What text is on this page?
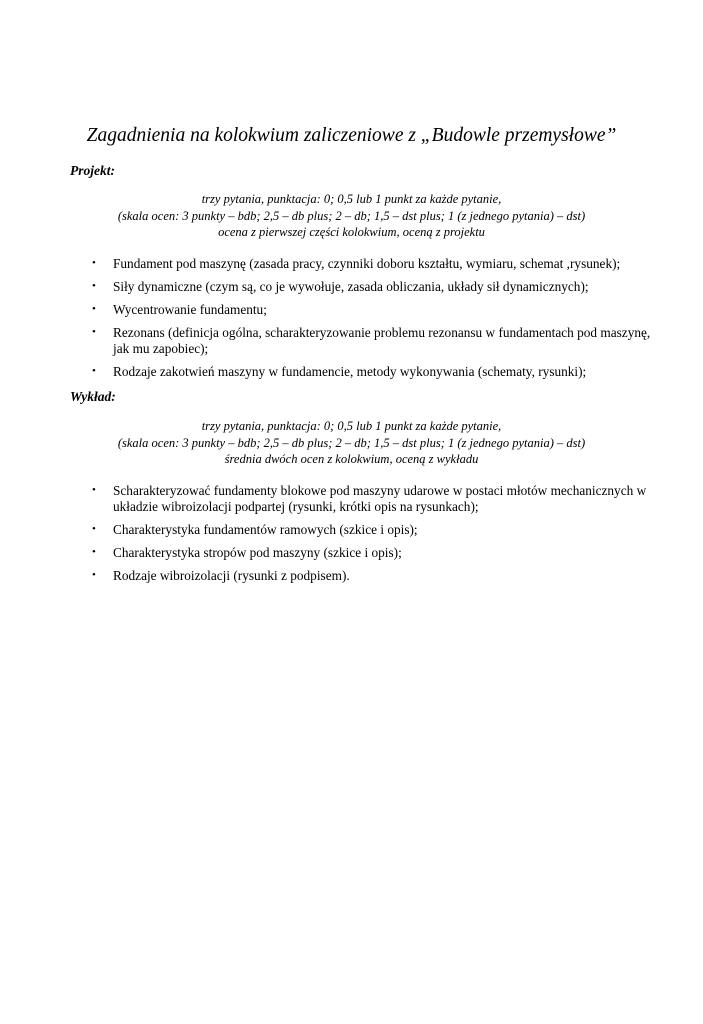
Zagadnienia na kolokwium zaliczeniowe z „Budowle przemysłowe”
Projekt:
trzy pytania, punktacja: 0; 0,5 lub 1 punkt za każde pytanie,
(skala ocen: 3 punkty – bdb; 2,5 – db plus; 2 – db; 1,5 – dst plus; 1 (z jednego pytania) – dst)
ocena z pierwszej części kolokwium, oceną z projektu
•	Fundament pod maszynę (zasada pracy, czynniki doboru kształtu, wymiaru, schemat ,rysunek);
•	Siły dynamiczne (czym są, co je wywołuje, zasada obliczania, układy sił dynamicznych);
•	Wycentrowanie fundamentu;
•	Rezonans (definicja ogólna, scharakteryzowanie problemu rezonansu w fundamentach pod maszynę, jak mu zapobiec);
•	Rodzaje zakotwień maszyny w fundamencie, metody wykonywania (schematy, rysunki);
Wykład:
trzy pytania, punktacja: 0; 0,5 lub 1 punkt za każde pytanie,
(skala ocen: 3 punkty – bdb; 2,5 – db plus; 2 – db; 1,5 – dst plus; 1 (z jednego pytania) – dst)
średnia dwóch ocen z kolokwium, oceną z wykładu
•	Scharakteryzować fundamenty blokowe pod maszyny udarowe w postaci młotów mechanicznych w układzie wibroizolacji podpartej (rysunki, krótki opis na rysunkach);
•	Charakterystyka fundamentów ramowych (szkice i opis);
•	Charakterystyka stropów pod maszyny (szkice i opis);
•	Rodzaje wibroizolacji (rysunki z podpisem).
